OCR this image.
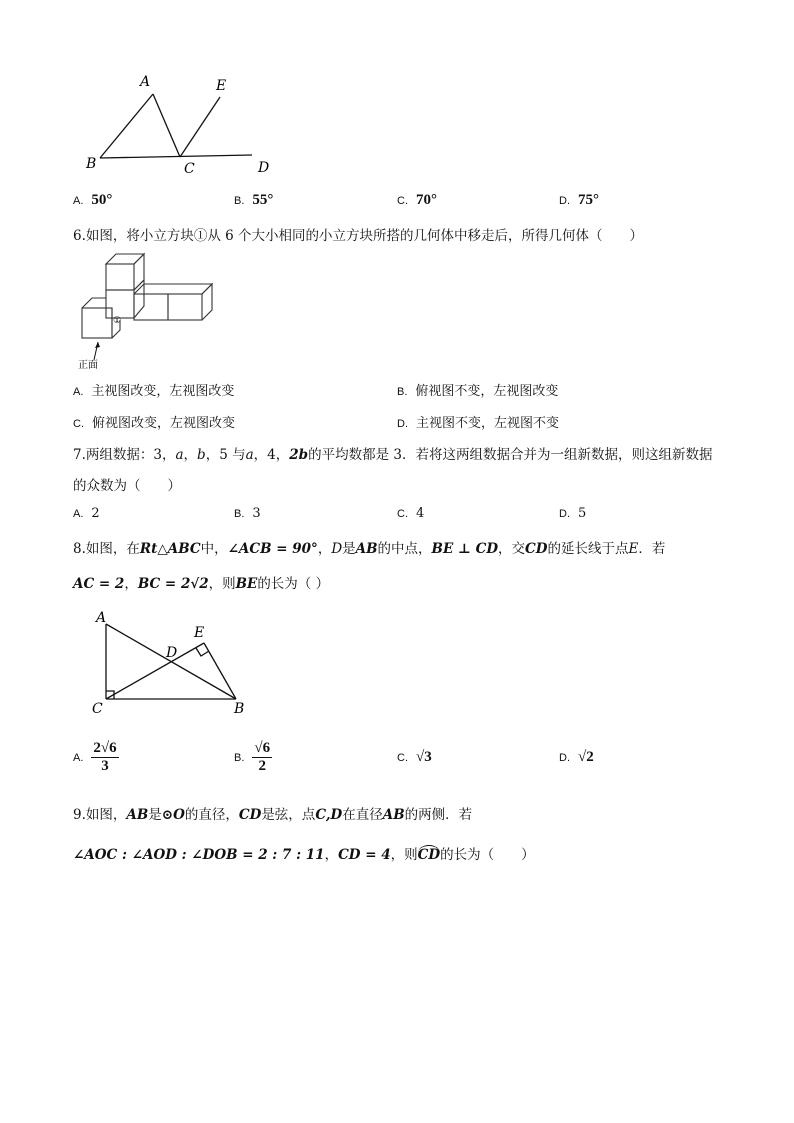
A	E
B	C	D
A. 50°	B. 55°	C. 70°	D. 75°
6.如图，将小立方块①从 6 个大小相同的小立方块所搭的几何体中移走后，所得几何体（　　）
①
正面
A. 主视图改变，左视图改变	B. 俯视图不变，左视图改变
C. 俯视图改变，左视图改变	D. 主视图不变，左视图不变
7.两组数据：3，a，b，5 与a，4，2b的平均数都是 3．若将这两组数据合并为一组新数据，则这组新数据
的众数为（　　）
A. 2	B. 3	C. 4	D. 5
8.如图，在Rt△ABC中，∠ACB = 90°，D是AB的中点，BE ⊥ CD，交CD的延长线于点E．若
AC = 2，BC = 2√2，则BE的长为（ ）
A
E
D
C	B
A. $\frac{2√6}{3}$	B. $\frac{√6}{2}$	C. √3	D. √2
9.如图，AB是⊙O的直径，CD是弦，点C,D在直径AB的两侧．若
∠AOC : ∠AOD : ∠DOB = 2 : 7 : 11，CD = 4，则CD的长为（　　）
